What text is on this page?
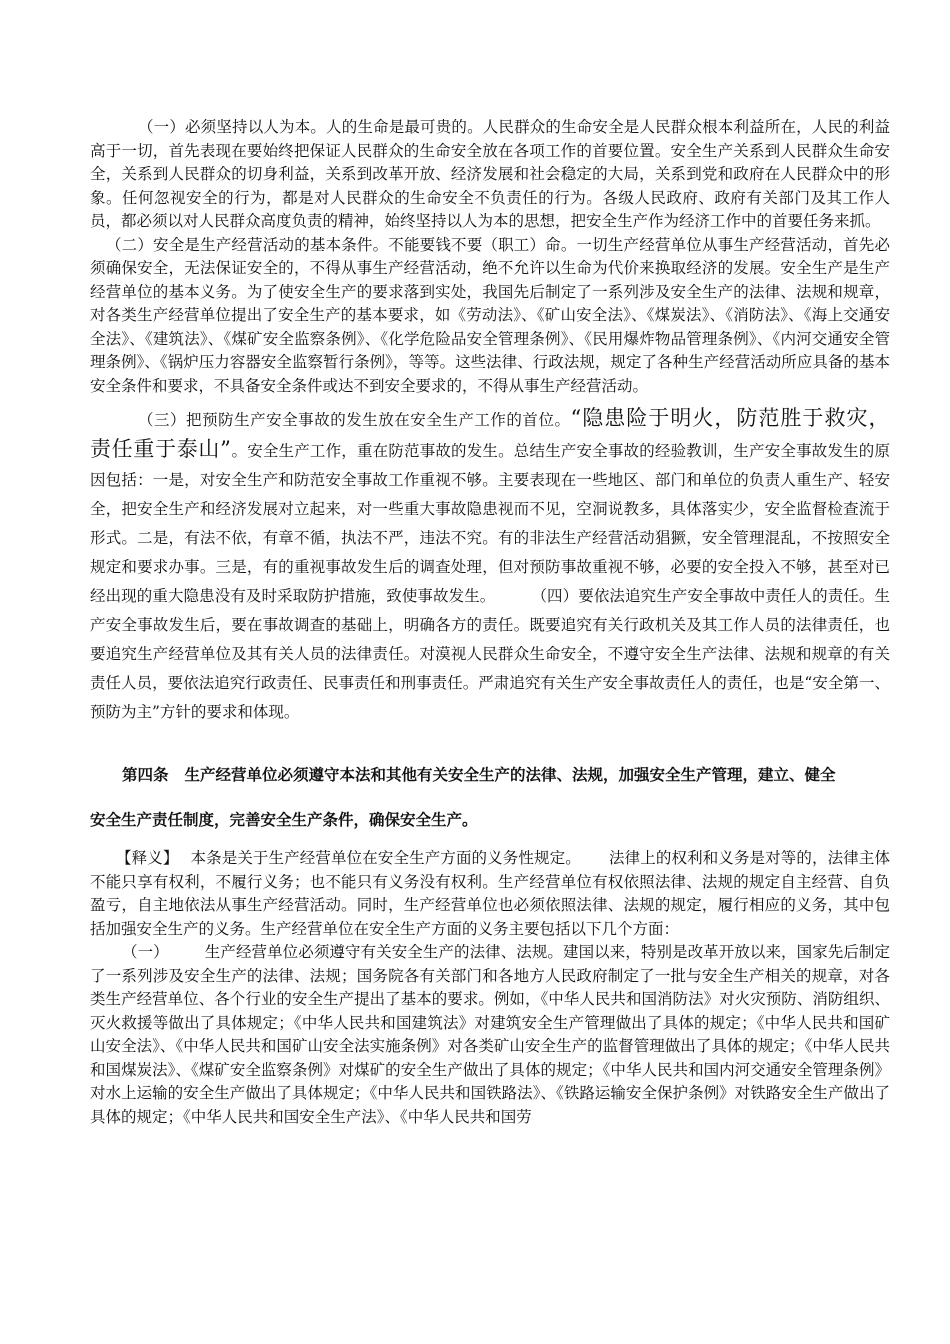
（一）必须坚持以人为本。人的生命是最可贵的。人民群众的生命安全是人民群众根本利益所在，人民的利益高于一切，首先表现在要始终把保证人民群众的生命安全放在各项工作的首要位置。安全生产关系到人民群众生命安全，关系到人民群众的切身利益，关系到改革开放、经济发展和社会稳定的大局，关系到党和政府在人民群众中的形象。任何忽视安全的行为，都是对人民群众的生命安全不负责任的行为。各级人民政府、政府有关部门及其工作人员，都必须以对人民群众高度负责的精神，始终坚持以人为本的思想，把安全生产作为经济工作中的首要任务来抓。

（二）安全是生产经营活动的基本条件。不能要钱不要（职工）命。一切生产经营单位从事生产经营活动，首先必须确保安全，无法保证安全的，不得从事生产经营活动，绝不允许以生命为代价来换取经济的发展。安全生产是生产经营单位的基本义务。为了使安全生产的要求落到实处，我国先后制定了一系列涉及安全生产的法律、法规和规章，对各类生产经营单位提出了安全生产的基本要求，如《劳动法》、《矿山安全法》、《煤炭法》、《消防法》、《海上交通安全法》、《建筑法》、《煤矿安全监察条例》、《化学危险品安全管理条例》、《民用爆炸物品管理条例》、《内河交通安全管理条例》、《锅炉压力容器安全监察暂行条例》，等等。这些法律、行政法规，规定了各种生产经营活动所应具备的基本安全条件和要求，不具备安全条件或达不到安全要求的，不得从事生产经营活动。

（三）把预防生产安全事故的发生放在安全生产工作的首位。“隐患险于明火，防范胜于救灾，责任重于泰山”。安全生产工作，重在防范事故的发生。总结生产安全事故的经验教训，生产安全事故发生的原因包括：一是，对安全生产和防范安全事故工作重视不够。主要表现在一些地区、部门和单位的负责人重生产、轻安全，把安全生产和经济发展对立起来，对一些重大事故隐患视而不见，空洞说教多，具体落实少，安全监督检查流于形式。二是，有法不依，有章不循，执法不严，违法不究。有的非法生产经营活动猖獗，安全管理混乱，不按照安全规定和要求办事。三是，有的重视事故发生后的调查处理，但对预防事故重视不够，必要的安全投入不够，甚至对已经出现的重大隐患没有及时采取防护措施，致使事故发生。 （四）要依法追究生产安全事故中责任人的责任。生产安全事故发生后，要在事故调查的基础上，明确各方的责任。既要追究有关行政机关及其工作人员的法律责任，也要追究生产经营单位及其有关人员的法律责任。对漠视人民群众生命安全，不遵守安全生产法律、法规和规章的有关责任人员，要依法追究行政责任、民事责任和刑事责任。严肃追究有关生产安全事故责任人的责任，也是“安全第一、预防为主”方针的要求和体现。

第四条 生产经营单位必须遵守本法和其他有关安全生产的法律、法规，加强安全生产管理，建立、健全

安全生产责任制度，完善安全生产条件，确保安全生产。

【释义】 本条是关于生产经营单位在安全生产方面的义务性规定。 法律上的权利和义务是对等的，法律主体不能只享有权利，不履行义务；也不能只有义务没有权利。生产经营单位有权依照法律、法规的规定自主经营、自负盈亏，自主地依法从事生产经营活动。同时，生产经营单位也必须依照法律、法规的规定，履行相应的义务，其中包括加强安全生产的义务。生产经营单位在安全生产方面的义务主要包括以下几个方面：

（一） 生产经营单位必须遵守有关安全生产的法律、法规。建国以来，特别是改革开放以来，国家先后制定了一系列涉及安全生产的法律、法规；国务院各有关部门和各地方人民政府制定了一批与安全生产相关的规章，对各类生产经营单位、各个行业的安全生产提出了基本的要求。例如，《中华人民共和国消防法》对火灾预防、消防组织、灭火救援等做出了具体规定；《中华人民共和国建筑法》对建筑安全生产管理做出了具体的规定；《中华人民共和国矿山安全法》、《中华人民共和国矿山安全法实施条例》对各类矿山安全生产的监督管理做出了具体的规定；《中华人民共和国煤炭法》、《煤矿安全监察条例》对煤矿的安全生产做出了具体的规定；《中华人民共和国内河交通安全管理条例》对水上运输的安全生产做出了具体规定；《中华人民共和国铁路法》、《铁路运输安全保护条例》对铁路安全生产做出了具体的规定；《中华人民共和国安全生产法》、《中华人民共和国劳
